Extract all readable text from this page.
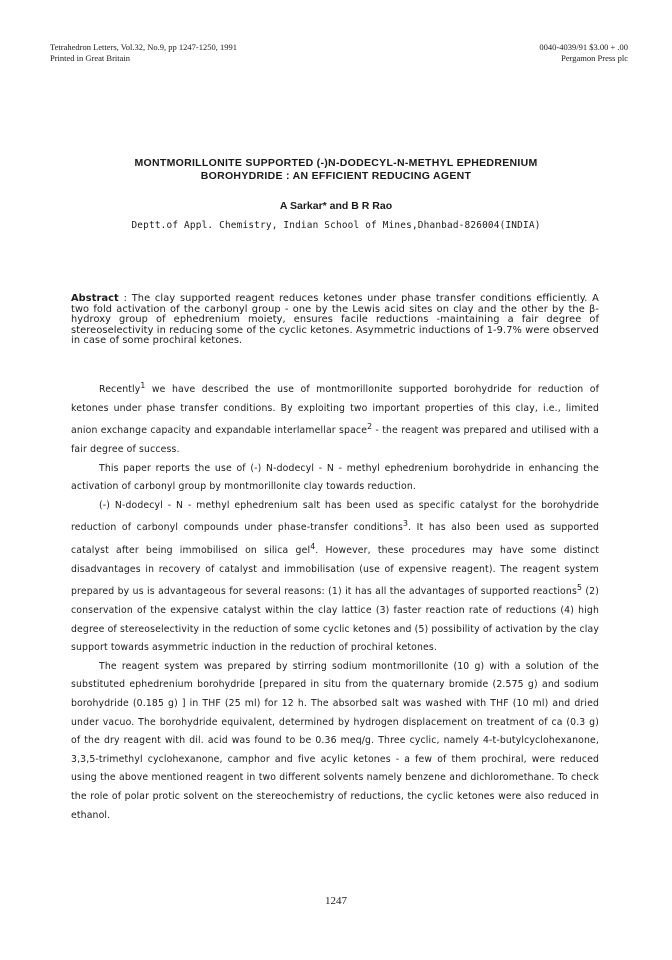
Tetrahedron Letters, Vol.32, No.9, pp 1247-1250, 1991
Printed in Great Britain
0040-4039/91 $3.00 + .00
Pergamon Press plc
MONTMORILLONITE SUPPORTED (-)N-DODECYL-N-METHYL EPHEDRENIUM
BOROHYDRIDE : AN EFFICIENT REDUCING AGENT
A Sarkar* and B R Rao
Deptt.of Appl. Chemistry, Indian School of Mines,Dhanbad-826004(INDIA)
Abstract : The clay supported reagent reduces ketones under phase transfer conditions efficiently. A two fold activation of the carbonyl group - one by the Lewis acid sites on clay and the other by the β-hydroxy group of ephedrenium moiety, ensures facile reductions -maintaining a fair degree of stereoselectivity in reducing some of the cyclic ketones. Asymmetric inductions of 1-9.7% were observed in case of some prochiral ketones.

Recently$^1$ we have described the use of montmorillonite supported borohydride for reduction of ketones under phase transfer conditions. By exploiting two important properties of this clay, i.e., limited anion exchange capacity and expandable interlamellar space$^2$ - the reagent was prepared and utilised with a fair degree of success.

This paper reports the use of (-) N-dodecyl - N - methyl ephedrenium borohydride in enhancing the activation of carbonyl group by montmorillonite clay towards reduction.

(-) N-dodecyl - N - methyl ephedrenium salt has been used as specific catalyst for the borohydride reduction of carbonyl compounds under phase-transfer conditions$^3$. It has also been used as supported catalyst after being immobilised on silica gel$^4$. However, these procedures may have some distinct disadvantages in recovery of catalyst and immobilisation (use of expensive reagent). The reagent system prepared by us is advantageous for several reasons: (1) it has all the advantages of supported reactions$^5$ (2) conservation of the expensive catalyst within the clay lattice (3) faster reaction rate of reductions (4) high degree of stereoselectivity in the reduction of some cyclic ketones and (5) possibility of activation by the clay support towards asymmetric induction in the reduction of prochiral ketones.

The reagent system was prepared by stirring sodium montmorillonite (10 g) with a solution of the substituted ephedrenium borohydride [prepared in situ from the quaternary bromide (2.575 g) and sodium borohydride (0.185 g) ] in THF (25 ml) for 12 h. The absorbed salt was washed with THF (10 ml) and dried under vacuo. The borohydride equivalent, determined by hydrogen displacement on treatment of ca (0.3 g) of the dry reagent with dil. acid was found to be 0.36 meq/g. Three cyclic, namely 4-t-butylcyclohexanone, 3,3,5-trimethyl cyclohexanone, camphor and five acylic ketones - a few of them prochiral, were reduced using the above mentioned reagent in two different solvents namely benzene and dichloromethane. To check the role of polar protic solvent on the stereochemistry of reductions, the cyclic ketones were also reduced in ethanol.

1247
